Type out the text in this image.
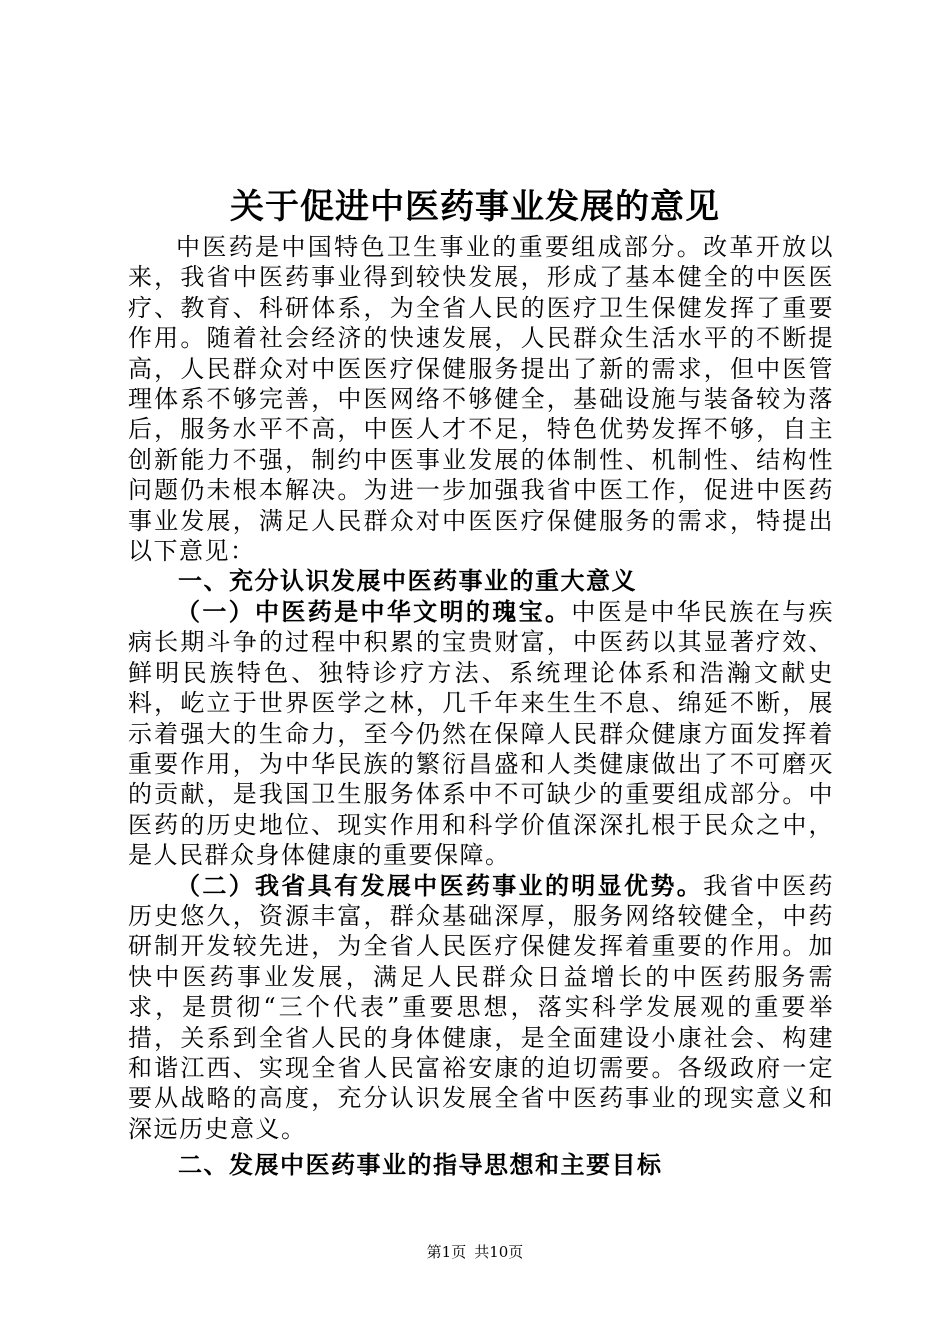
关于促进中医药事业发展的意见

中医药是中国特色卫生事业的重要组成部分。改革开放以来，我省中医药事业得到较快发展，形成了基本健全的中医医疗、教育、科研体系，为全省人民的医疗卫生保健发挥了重要作用。随着社会经济的快速发展，人民群众生活水平的不断提高，人民群众对中医医疗保健服务提出了新的需求，但中医管理体系不够完善，中医网络不够健全，基础设施与装备较为落后，服务水平不高，中医人才不足，特色优势发挥不够，自主创新能力不强，制约中医事业发展的体制性、机制性、结构性问题仍未根本解决。为进一步加强我省中医工作，促进中医药事业发展，满足人民群众对中医医疗保健服务的需求，特提出以下意见：

一、充分认识发展中医药事业的重大意义

（一）中医药是中华文明的瑰宝。中医是中华民族在与疾病长期斗争的过程中积累的宝贵财富，中医药以其显著疗效、鲜明民族特色、独特诊疗方法、系统理论体系和浩瀚文献史料，屹立于世界医学之林，几千年来生生不息、绵延不断，展示着强大的生命力，至今仍然在保障人民群众健康方面发挥着重要作用，为中华民族的繁衍昌盛和人类健康做出了不可磨灭的贡献，是我国卫生服务体系中不可缺少的重要组成部分。中医药的历史地位、现实作用和科学价值深深扎根于民众之中，是人民群众身体健康的重要保障。

（二）我省具有发展中医药事业的明显优势。我省中医药历史悠久，资源丰富，群众基础深厚，服务网络较健全，中药研制开发较先进，为全省人民医疗保健发挥着重要的作用。加快中医药事业发展，满足人民群众日益增长的中医药服务需求，是贯彻“三个代表”重要思想，落实科学发展观的重要举措，关系到全省人民的身体健康，是全面建设小康社会、构建和谐江西、实现全省人民富裕安康的迫切需要。各级政府一定要从战略的高度，充分认识发展全省中医药事业的现实意义和深远历史意义。

二、发展中医药事业的指导思想和主要目标

第1页 共10页
